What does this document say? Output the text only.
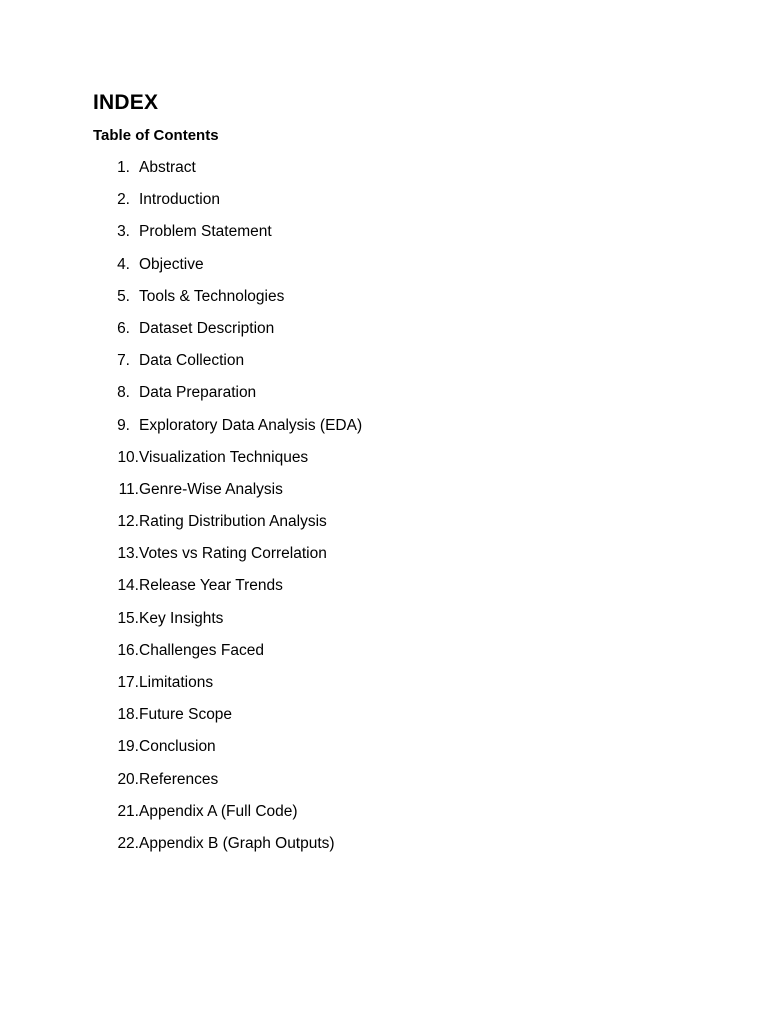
INDEX
Table of Contents
1. Abstract
2. Introduction
3. Problem Statement
4. Objective
5. Tools & Technologies
6. Dataset Description
7. Data Collection
8. Data Preparation
9. Exploratory Data Analysis (EDA)
10. Visualization Techniques
11. Genre-Wise Analysis
12. Rating Distribution Analysis
13. Votes vs Rating Correlation
14. Release Year Trends
15. Key Insights
16. Challenges Faced
17. Limitations
18. Future Scope
19. Conclusion
20. References
21. Appendix A (Full Code)
22. Appendix B (Graph Outputs)
